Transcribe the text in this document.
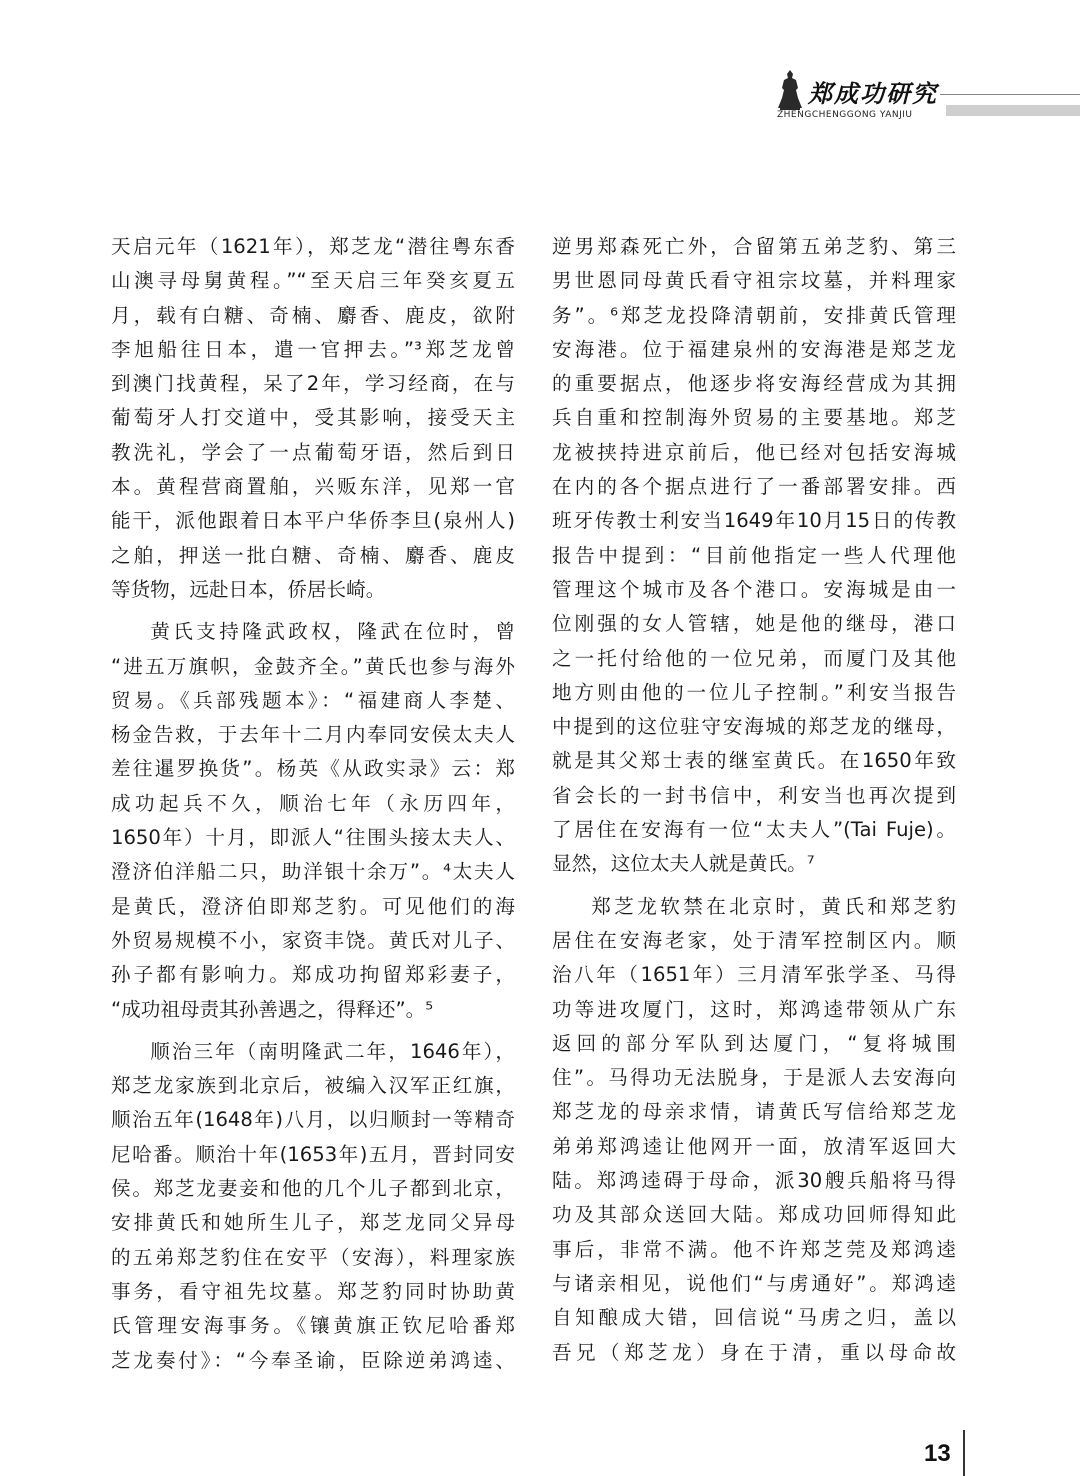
郑成功研究
ZHENGCHENGGONG YANJIU
天启元年（1621年），郑芝龙“潜往粤东香
山澳寻母舅黄程。”“至天启三年癸亥夏五
月，载有白糖、奇楠、麝香、鹿皮，欲附
李旭船往日本，遣一官押去。”³郑芝龙曾
到澳门找黄程，呆了2年，学习经商，在与
葡萄牙人打交道中，受其影响，接受天主
教洗礼，学会了一点葡萄牙语，然后到日
本。黄程营商置舶，兴贩东洋，见郑一官
能干，派他跟着日本平户华侨李旦(泉州人)
之舶，押送一批白糖、奇楠、麝香、鹿皮
等货物，远赴日本，侨居长崎。
黄氏支持隆武政权，隆武在位时，曾
“进五万旗帜，金鼓齐全。”黄氏也参与海外
贸易。《兵部残题本》：“福建商人李楚、
杨金告救，于去年十二月内奉同安侯太夫人
差往暹罗换货”。杨英《从政实录》云：郑
成功起兵不久，顺治七年（永历四年，
1650年）十月，即派人“往围头接太夫人、
澄济伯洋船二只，助洋银十余万”。⁴太夫人
是黄氏，澄济伯即郑芝豹。可见他们的海
外贸易规模不小，家资丰饶。黄氏对儿子、
孙子都有影响力。郑成功拘留郑彩妻子，
“成功祖母责其孙善遇之，得释还”。⁵
顺治三年（南明隆武二年，1646年），
郑芝龙家族到北京后，被编入汉军正红旗，
顺治五年(1648年)八月，以归顺封一等精奇
尼哈番。顺治十年(1653年)五月，晋封同安
侯。郑芝龙妻妾和他的几个儿子都到北京，
安排黄氏和她所生儿子，郑芝龙同父异母
的五弟郑芝豹住在安平（安海），料理家族
事务，看守祖先坟墓。郑芝豹同时协助黄
氏管理安海事务。《镶黄旗正钦尼哈番郑
芝龙奏付》：“今奉圣谕，臣除逆弟鸿逵、
逆男郑森死亡外，合留第五弟芝豹、第三
男世恩同母黄氏看守祖宗坟墓，并料理家
务”。⁶郑芝龙投降清朝前，安排黄氏管理
安海港。位于福建泉州的安海港是郑芝龙
的重要据点，他逐步将安海经营成为其拥
兵自重和控制海外贸易的主要基地。郑芝
龙被挟持进京前后，他已经对包括安海城
在内的各个据点进行了一番部署安排。西
班牙传教士利安当1649年10月15日的传教
报告中提到：“目前他指定一些人代理他
管理这个城市及各个港口。安海城是由一
位刚强的女人管辖，她是他的继母，港口
之一托付给他的一位兄弟，而厦门及其他
地方则由他的一位儿子控制。”利安当报告
中提到的这位驻守安海城的郑芝龙的继母，
就是其父郑士表的继室黄氏。在1650年致
省会长的一封书信中，利安当也再次提到
了居住在安海有一位“太夫人”(Tai Fuje)。
显然，这位太夫人就是黄氏。⁷
郑芝龙软禁在北京时，黄氏和郑芝豹
居住在安海老家，处于清军控制区内。顺
治八年（1651年）三月清军张学圣、马得
功等进攻厦门，这时，郑鸿逵带领从广东
返回的部分军队到达厦门，“复将城围
住”。马得功无法脱身，于是派人去安海向
郑芝龙的母亲求情，请黄氏写信给郑芝龙
弟弟郑鸿逵让他网开一面，放清军返回大
陆。郑鸿逵碍于母命，派30艘兵船将马得
功及其部众送回大陆。郑成功回师得知此
事后，非常不满。他不许郑芝莞及郑鸿逵
与诸亲相见，说他们“与虏通好”。郑鸿逵
自知酿成大错，回信说“马虏之归，盖以
吾兄（郑芝龙）身在于清，重以母命故
13
